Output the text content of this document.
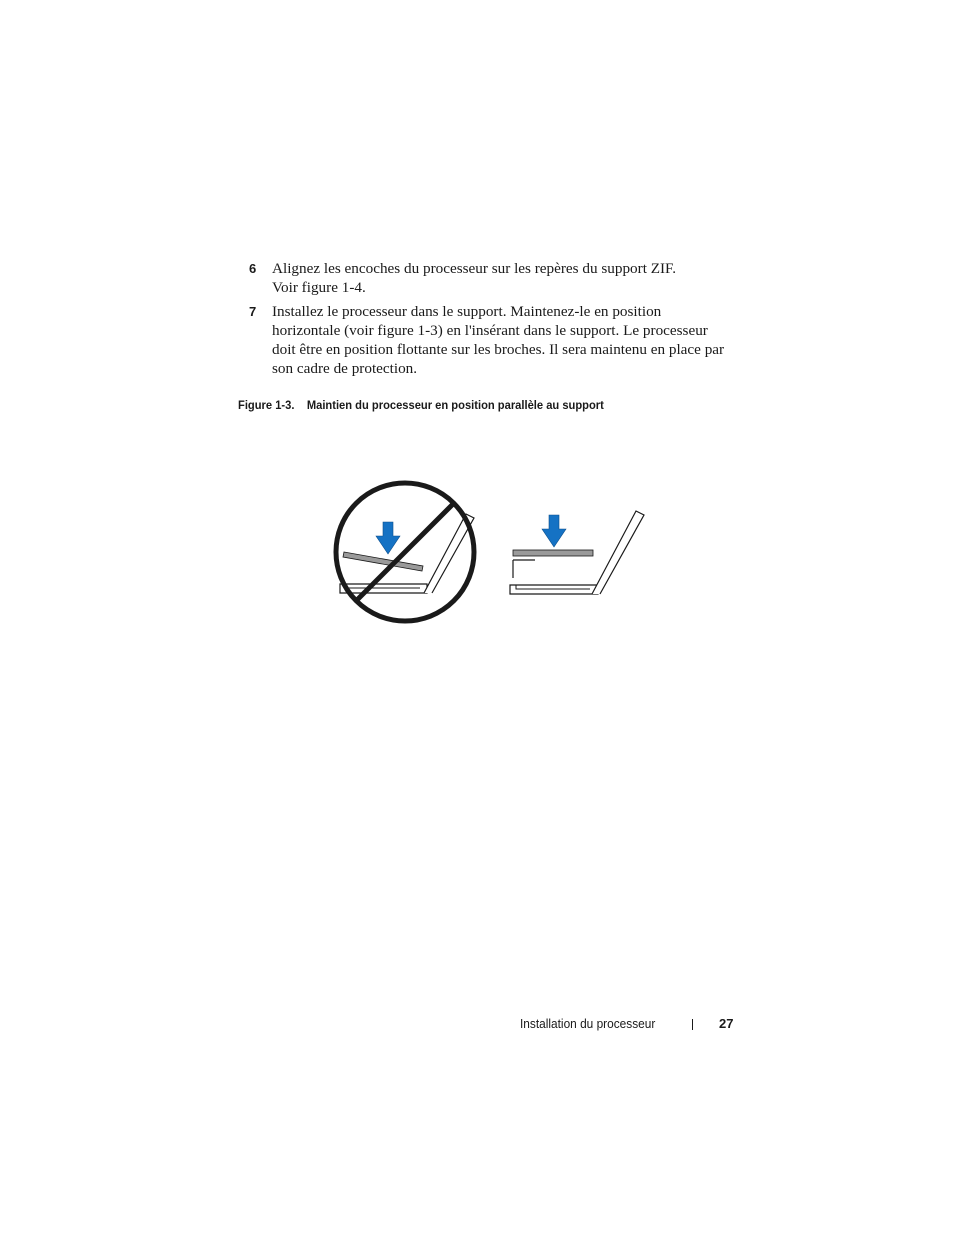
6 Alignez les encoches du processeur sur les repères du support ZIF.
Voir figure 1-4.
7 Installez le processeur dans le support. Maintenez-le en position
horizontale (voir figure 1-3) en l'insérant dans le support. Le processeur
doit être en position flottante sur les broches. Il sera maintenu en place par
son cadre de protection.
Figure 1-3. Maintien du processeur en position parallèle au support
Installation du processeur	27
